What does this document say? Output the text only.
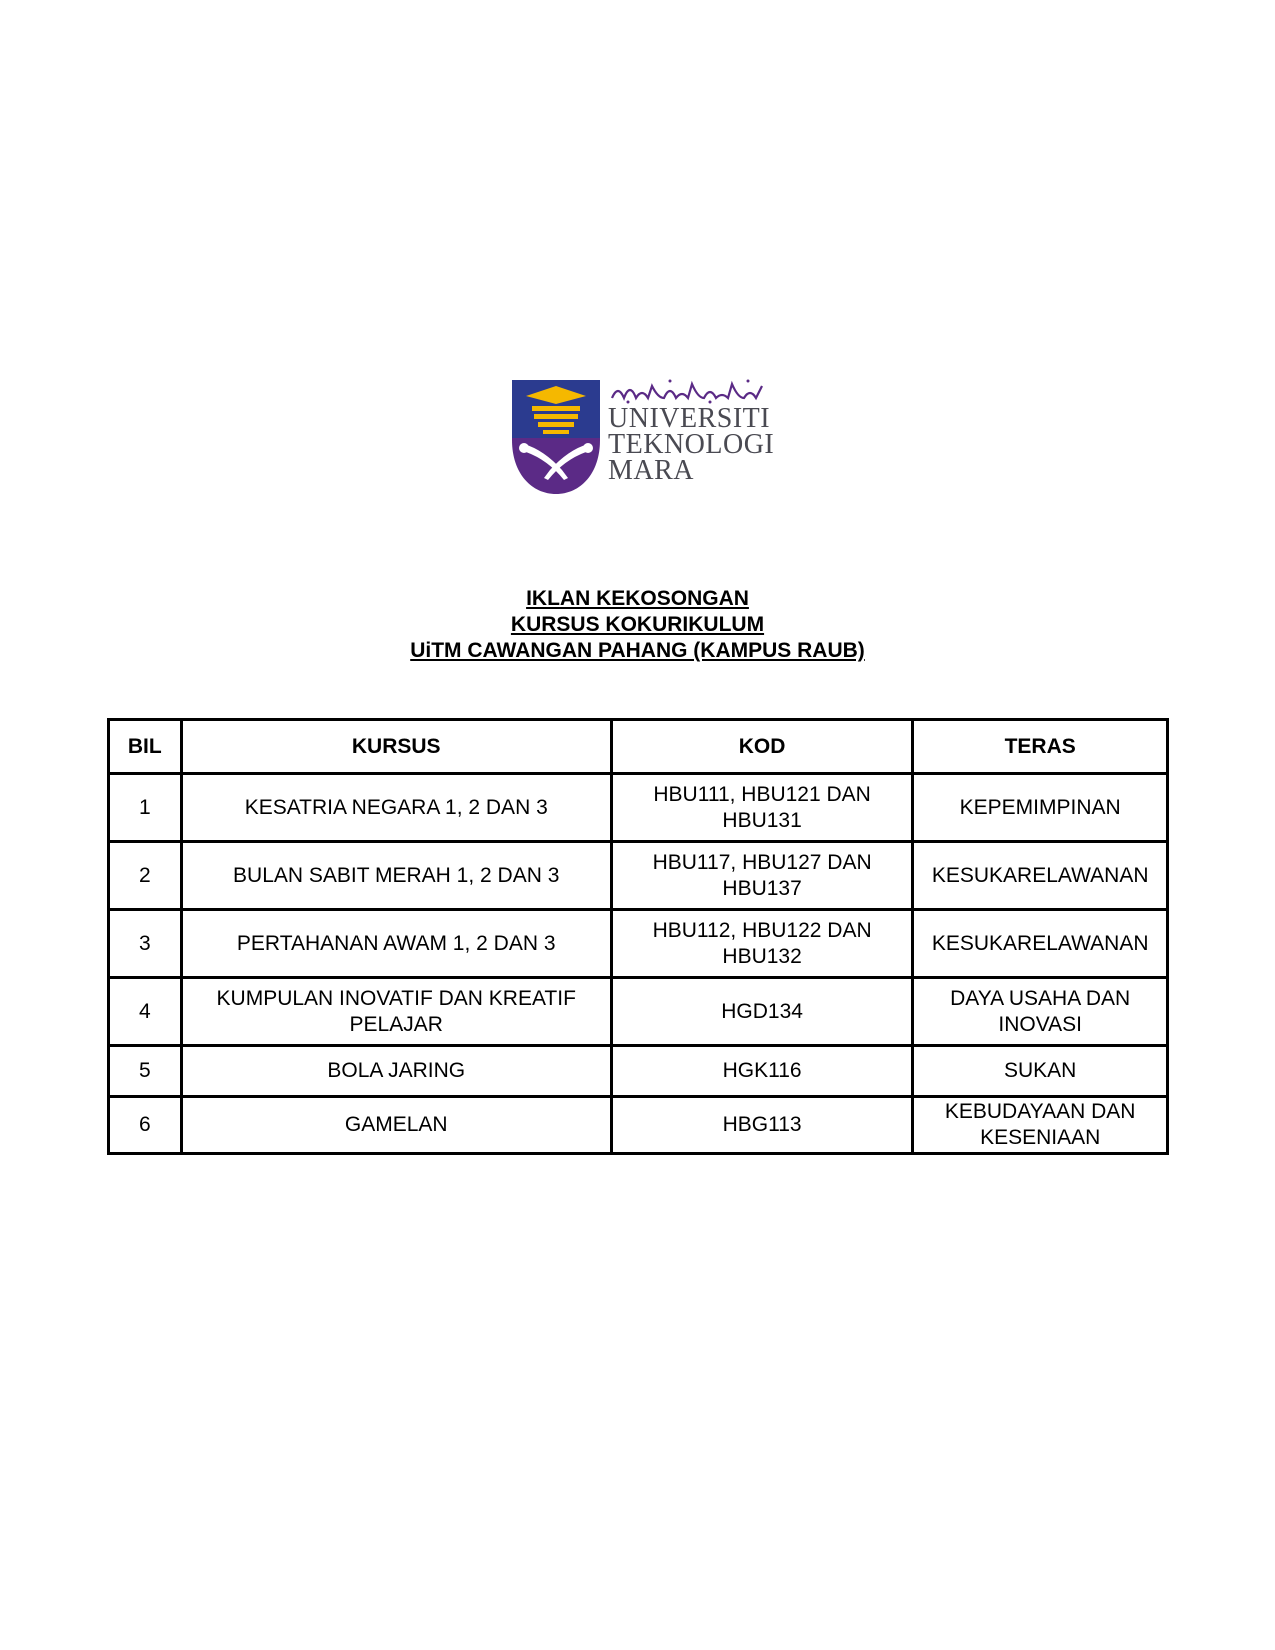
UNIVERSITI
TEKNOLOGI
MARA
IKLAN KEKOSONGAN
KURSUS KOKURIKULUM
UiTM CAWANGAN PAHANG (KAMPUS RAUB)
BIL	KURSUS	KOD	TERAS
1	KESATRIA NEGARA 1, 2 DAN 3	HBU111, HBU121 DAN HBU131	KEPEMIMPINAN
2	BULAN SABIT MERAH 1, 2 DAN 3	HBU117, HBU127 DAN HBU137	KESUKARELAWANAN
3	PERTAHANAN AWAM 1, 2 DAN 3	HBU112, HBU122 DAN HBU132	KESUKARELAWANAN
4	KUMPULAN INOVATIF DAN KREATIF PELAJAR	HGD134	DAYA USAHA DAN INOVASI
5	BOLA JARING	HGK116	SUKAN
6	GAMELAN	HBG113	KEBUDAYAAN DAN KESENIAAN
